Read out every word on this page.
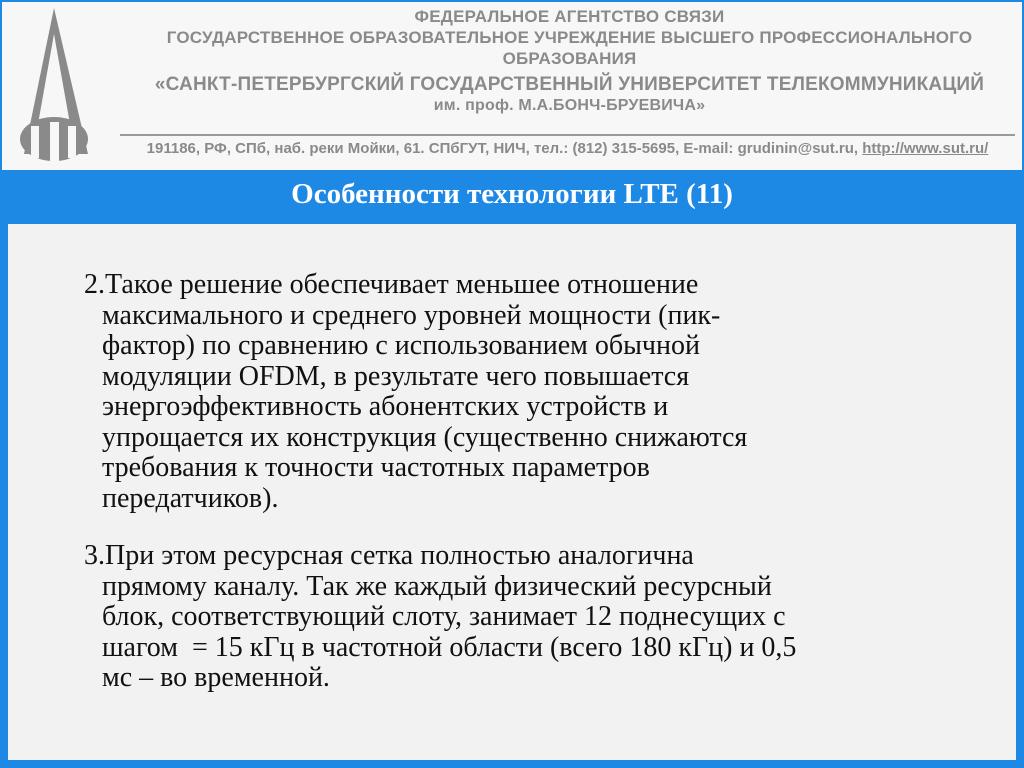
СПб
ФЕДЕРАЛЬНОЕ АГЕНТСТВО СВЯЗИ
ГОСУДАРСТВЕННОЕ ОБРАЗОВАТЕЛЬНОЕ УЧРЕЖДЕНИЕ ВЫСШЕГО ПРОФЕССИОНАЛЬНОГО
ОБРАЗОВАНИЯ
«САНКТ-ПЕТЕРБУРГСКИЙ ГОСУДАРСТВЕННЫЙ УНИВЕРСИТЕТ ТЕЛЕКОММУНИКАЦИЙ
им. проф. М.А.БОНЧ-БРУЕВИЧА»
191186, РФ, СПб, наб. реки Мойки, 61. СПбГУТ, НИЧ, тел.: (812) 315-5695, E-mail: grudinin@sut.ru, http://www.sut.ru/
Особенности технологии LTE (11)
2.Такое решение обеспечивает меньшее отношение
максимального и среднего уровней мощности (пик-
фактор) по сравнению с использованием обычной
модуляции OFDM, в результате чего повышается
энергоэффективность абонентских устройств и
упрощается их конструкция (существенно снижаются
требования к точности частотных параметров
передатчиков).
3.При этом ресурсная сетка полностью аналогична
прямому каналу. Так же каждый физический ресурсный
блок, соответствующий слоту, занимает 12 поднесущих с
шагом  = 15 кГц в частотной области (всего 180 кГц) и 0,5
мс – во временной.
